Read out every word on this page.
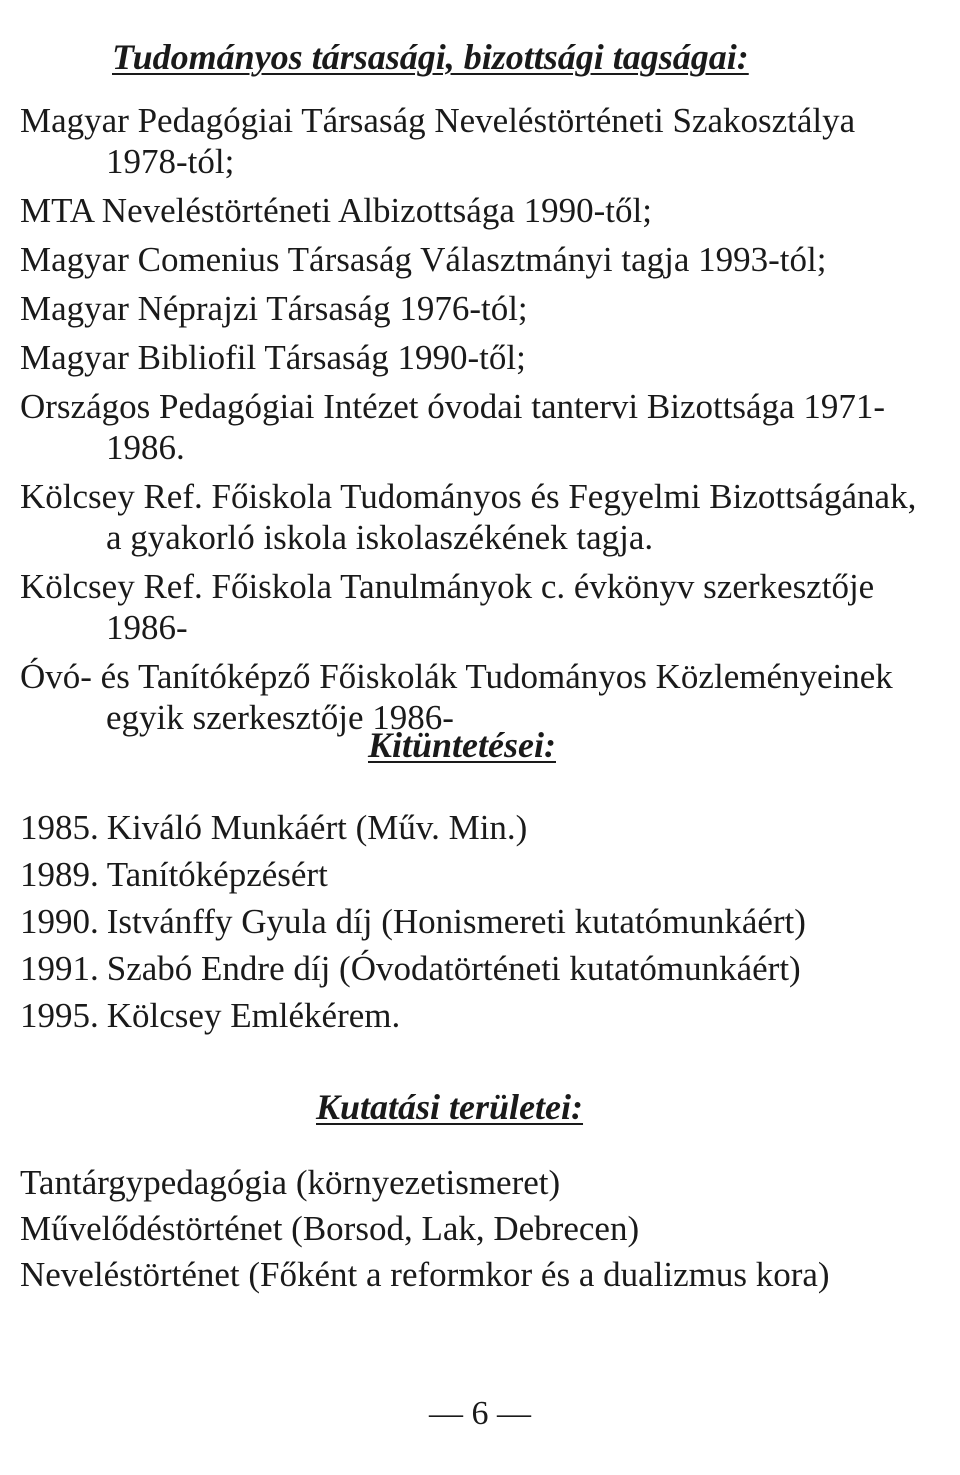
Tudományos társasági, bizottsági tagságai:
Magyar Pedagógiai Társaság Neveléstörténeti Szakosztálya 1978-tól;
MTA Neveléstörténeti Albizottsága 1990-től;
Magyar Comenius Társaság Választmányi tagja 1993-tól;
Magyar Néprajzi Társaság 1976-tól;
Magyar Bibliofil Társaság 1990-től;
Országos Pedagógiai Intézet óvodai tantervi Bizottsága 1971-1986.
Kölcsey Ref. Főiskola Tudományos és Fegyelmi Bizottságának, a gyakorló iskola iskolaszékének tagja.
Kölcsey Ref. Főiskola Tanulmányok c. évkönyv szerkesztője 1986-
Óvó- és Tanítóképző Főiskolák Tudományos Közleményeinek egyik szerkesztője 1986-
Kitüntetései:
1985. Kiváló Munkáért (Műv. Min.)
1989. Tanítóképzésért
1990. Istvánffy Gyula díj (Honismereti kutatómunkáért)
1991. Szabó Endre díj (Óvodatörténeti kutatómunkáért)
1995. Kölcsey Emlékérem.
Kutatási területei:
Tantárgypedagógia (környezetismeret)
Művelődéstörténet (Borsod, Lak, Debrecen)
Neveléstörténet (Főként a reformkor és a dualizmus kora)
— 6 —
